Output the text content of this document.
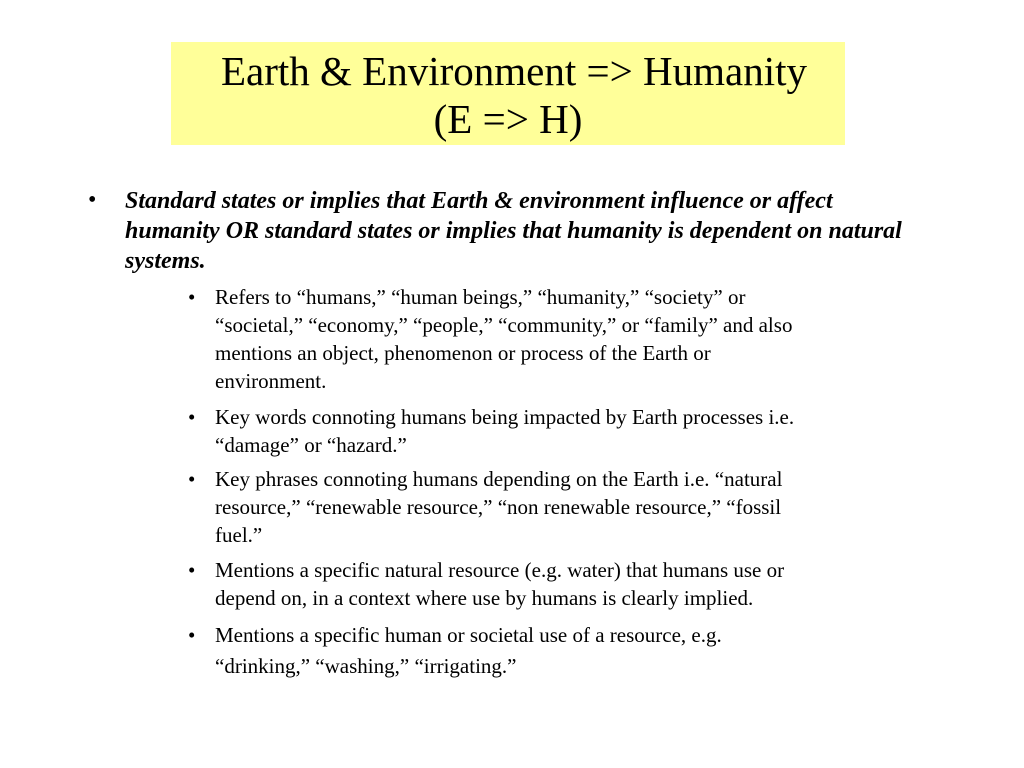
Earth & Environment => Humanity
(E => H)
• Standard states or implies that Earth & environment influence or affect humanity OR standard states or implies that humanity is dependent on natural systems.
• Refers to “humans,” “human beings,” “humanity,” “society” or
“societal,” “economy,” “people,” “community,” or “family” and also
mentions an object, phenomenon or process of the Earth or
environment.
• Key words connoting humans being impacted by Earth processes i.e.
“damage” or “hazard.”
• Key phrases connoting humans depending on the Earth i.e. “natural
resource,” “renewable resource,” “non renewable resource,” “fossil
fuel.”
• Mentions a specific natural resource (e.g. water) that humans use or
depend on, in a context where use by humans is clearly implied.
• Mentions a specific human or societal use of a resource, e.g.
“drinking,” “washing,” “irrigating.”
